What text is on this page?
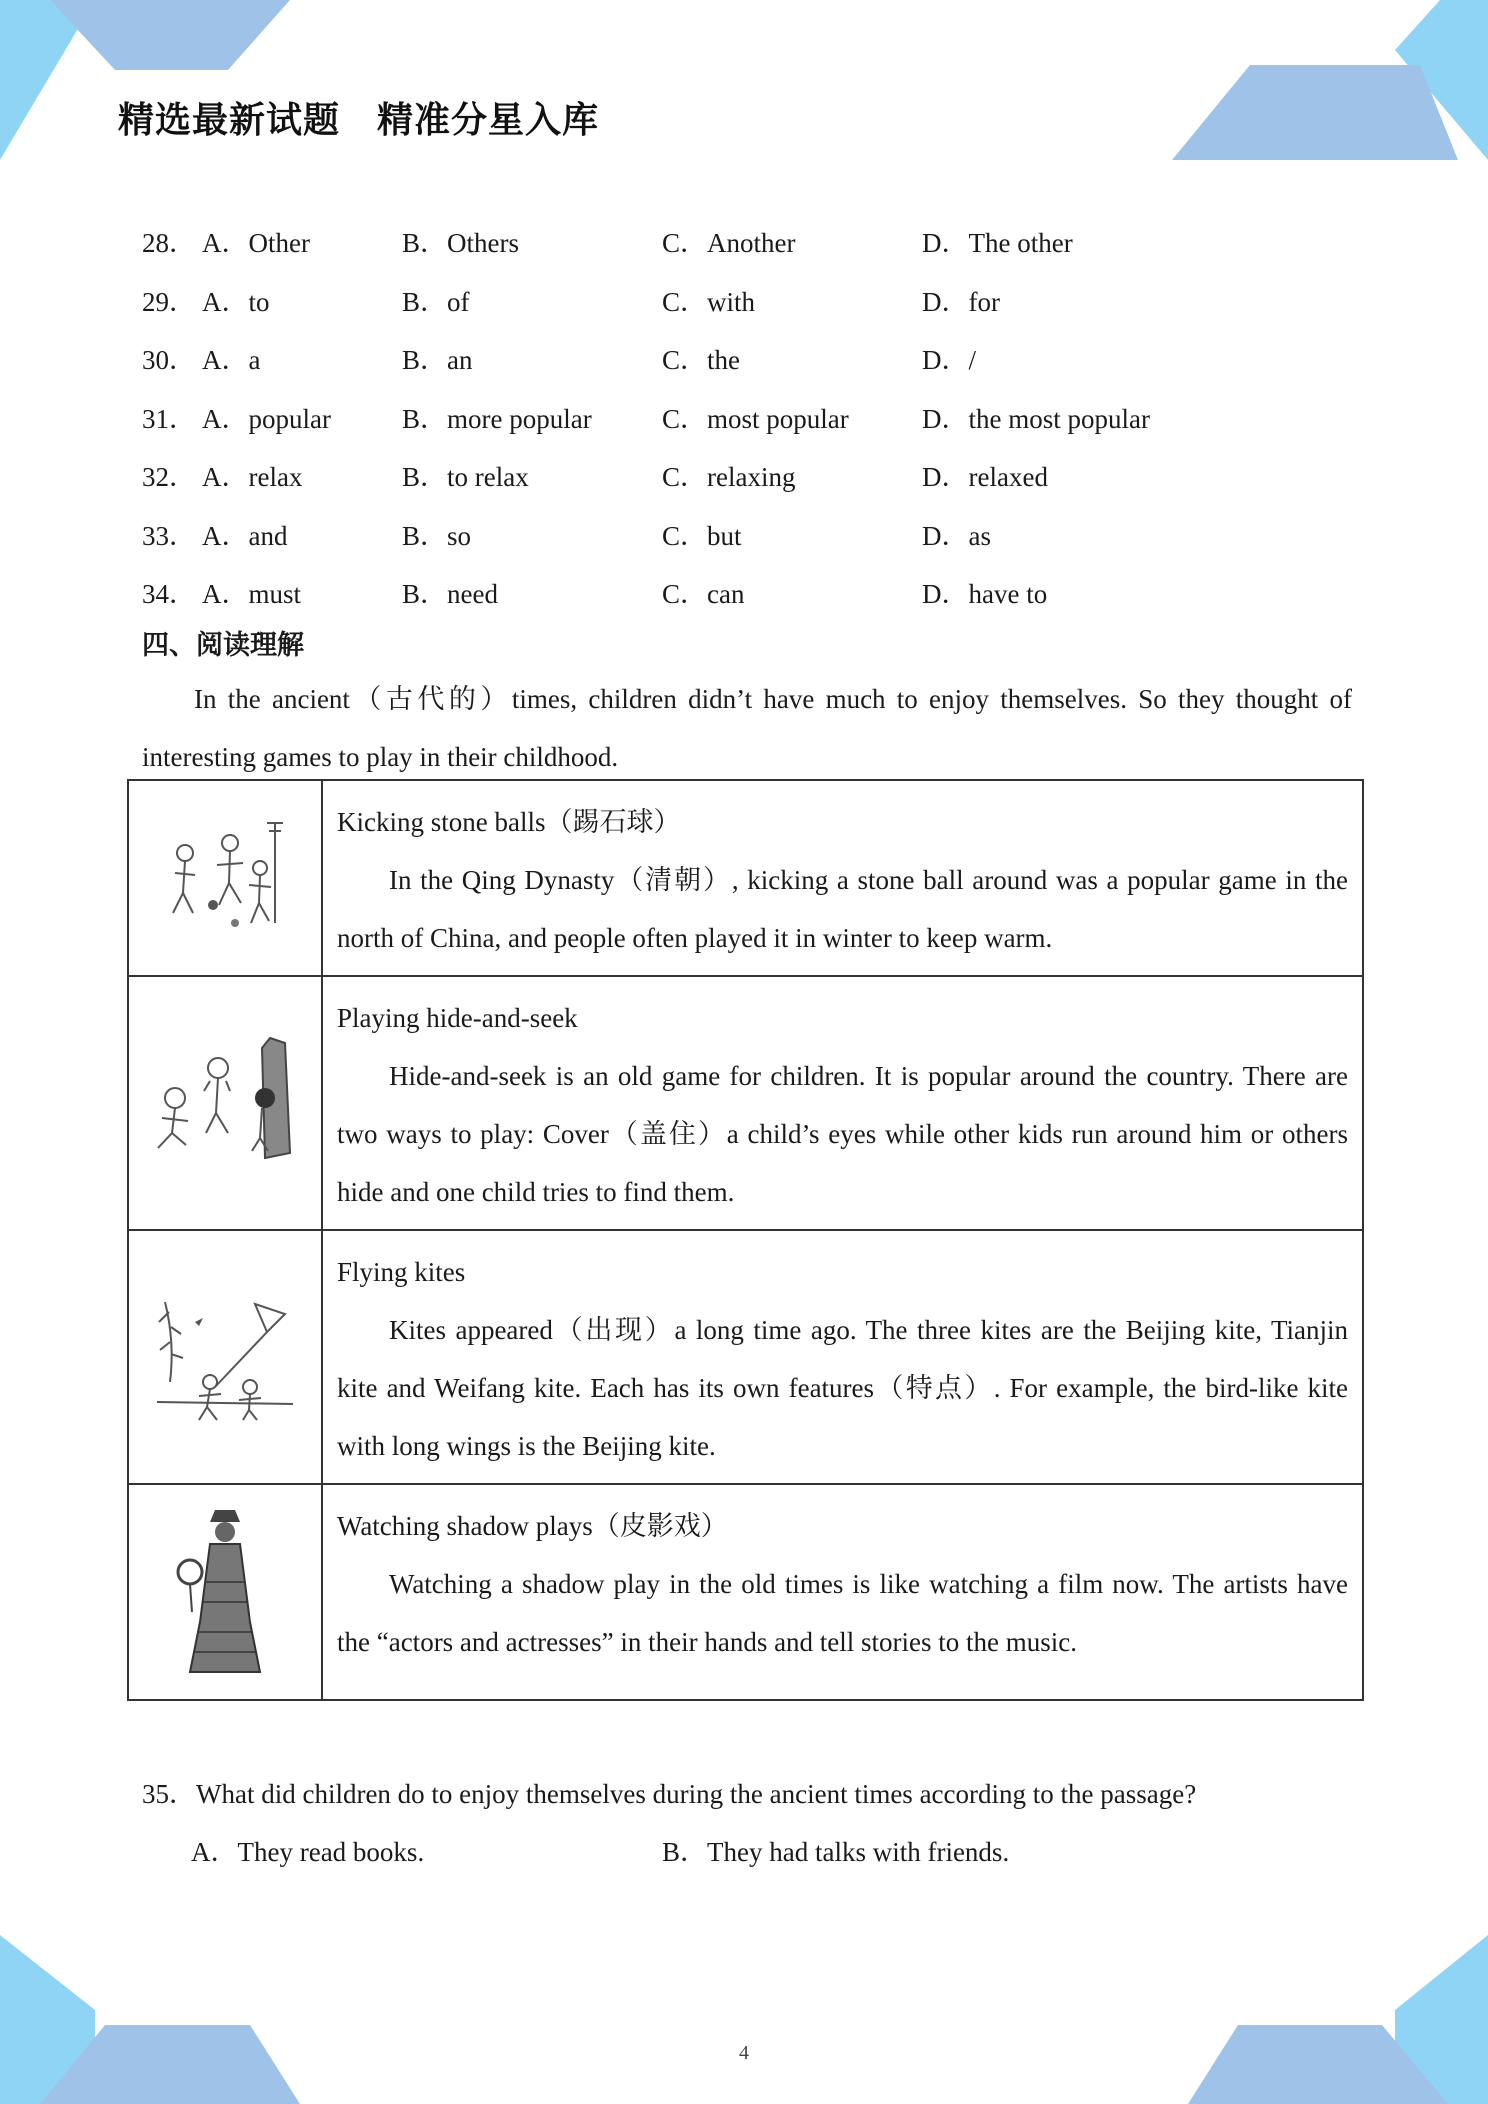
精选最新试题　精准分星入库
28． A．Other	B．Others	C．Another	D．The other
29． A．to	B．of	C．with	D．for
30． A．a	B．an	C．the	D．/
31． A．popular	B．more popular	C．most popular	D．the most popular
32． A．relax	B．to relax	C．relaxing	D．relaxed
33． A．and	B．so	C．but	D．as
34． A．must	B．need	C．can	D．have to
四、阅读理解
In the ancient（古代的）times, children didn’t have much to enjoy themselves. So they thought of interesting games to play in their childhood.

Kicking stone balls（踢石球）
In the Qing Dynasty（清朝）, kicking a stone ball around was a popular game in the north of China, and people often played it in winter to keep warm.

Playing hide-and-seek
Hide-and-seek is an old game for children. It is popular around the country. There are two ways to play: Cover（盖住）a child’s eyes while other kids run around him or others hide and one child tries to find them.

Flying kites
Kites appeared（出现）a long time ago. The three kites are the Beijing kite, Tianjin kite and Weifang kite. Each has its own features（特点）. For example, the bird-like kite with long wings is the Beijing kite.

Watching shadow plays（皮影戏）
Watching a shadow play in the old times is like watching a film now. The artists have the “actors and actresses” in their hands and tell stories to the music.
35．What did children do to enjoy themselves during the ancient times according to the passage?
A．They read books.	B．They had talks with friends.
4
